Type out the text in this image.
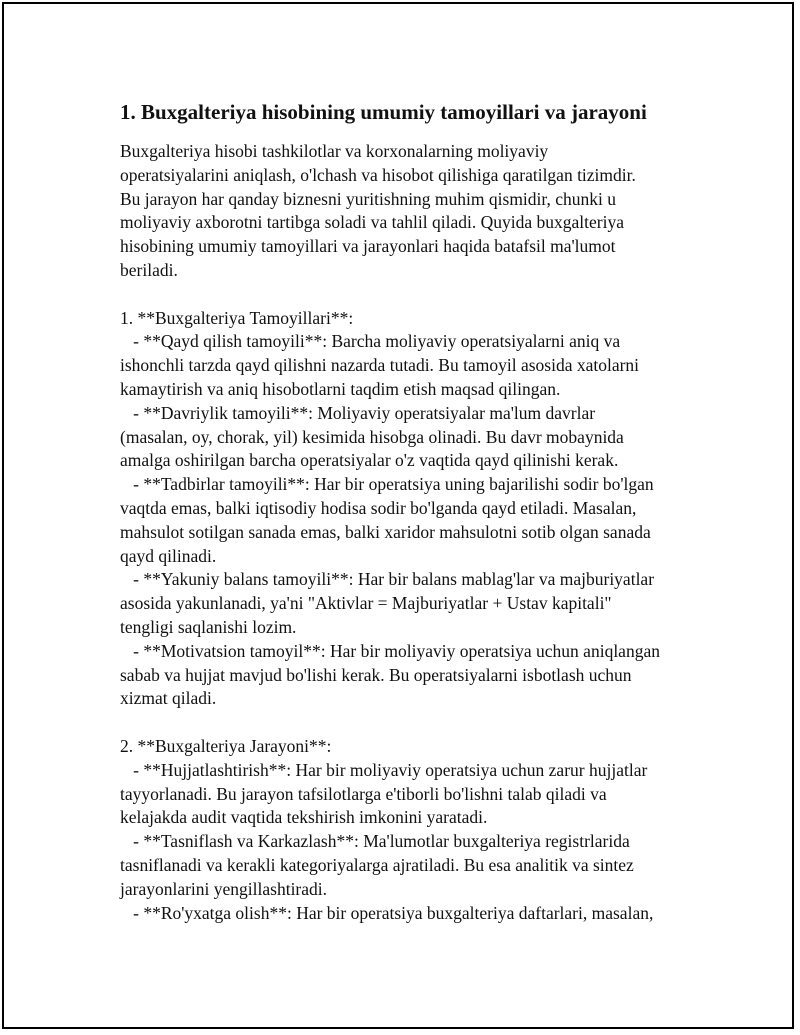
1. Buxgalteriya hisobining umumiy tamoyillari va jarayoni
Buxgalteriya hisobi tashkilotlar va korxonalarning moliyaviy
operatsiyalarini aniqlash, o'lchash va hisobot qilishiga qaratilgan tizimdir.
Bu jarayon har qanday biznesni yuritishning muhim qismidir, chunki u
moliyaviy axborotni tartibga soladi va tahlil qiladi. Quyida buxgalteriya
hisobining umumiy tamoyillari va jarayonlari haqida batafsil ma'lumot
beriladi.
1. **Buxgalteriya Tamoyillari**:
- **Qayd qilish tamoyili**: Barcha moliyaviy operatsiyalarni aniq va
ishonchli tarzda qayd qilishni nazarda tutadi. Bu tamoyil asosida xatolarni
kamaytirish va aniq hisobotlarni taqdim etish maqsad qilingan.
- **Davriylik tamoyili**: Moliyaviy operatsiyalar ma'lum davrlar
(masalan, oy, chorak, yil) kesimida hisobga olinadi. Bu davr mobaynida
amalga oshirilgan barcha operatsiyalar o'z vaqtida qayd qilinishi kerak.
- **Tadbirlar tamoyili**: Har bir operatsiya uning bajarilishi sodir bo'lgan
vaqtda emas, balki iqtisodiy hodisa sodir bo'lganda qayd etiladi. Masalan,
mahsulot sotilgan sanada emas, balki xaridor mahsulotni sotib olgan sanada
qayd qilinadi.
- **Yakuniy balans tamoyili**: Har bir balans mablag'lar va majburiyatlar
asosida yakunlanadi, ya'ni "Aktivlar = Majburiyatlar + Ustav kapitali"
tengligi saqlanishi lozim.
- **Motivatsion tamoyil**: Har bir moliyaviy operatsiya uchun aniqlangan
sabab va hujjat mavjud bo'lishi kerak. Bu operatsiyalarni isbotlash uchun
xizmat qiladi.
2. **Buxgalteriya Jarayoni**:
- **Hujjatlashtirish**: Har bir moliyaviy operatsiya uchun zarur hujjatlar
tayyorlanadi. Bu jarayon tafsilotlarga e'tiborli bo'lishni talab qiladi va
kelajakda audit vaqtida tekshirish imkonini yaratadi.
- **Tasniflash va Karkazlash**: Ma'lumotlar buxgalteriya registrlarida
tasniflanadi va kerakli kategoriyalarga ajratiladi. Bu esa analitik va sintez
jarayonlarini yengillashtiradi.
- **Ro'yxatga olish**: Har bir operatsiya buxgalteriya daftarlari, masalan,
